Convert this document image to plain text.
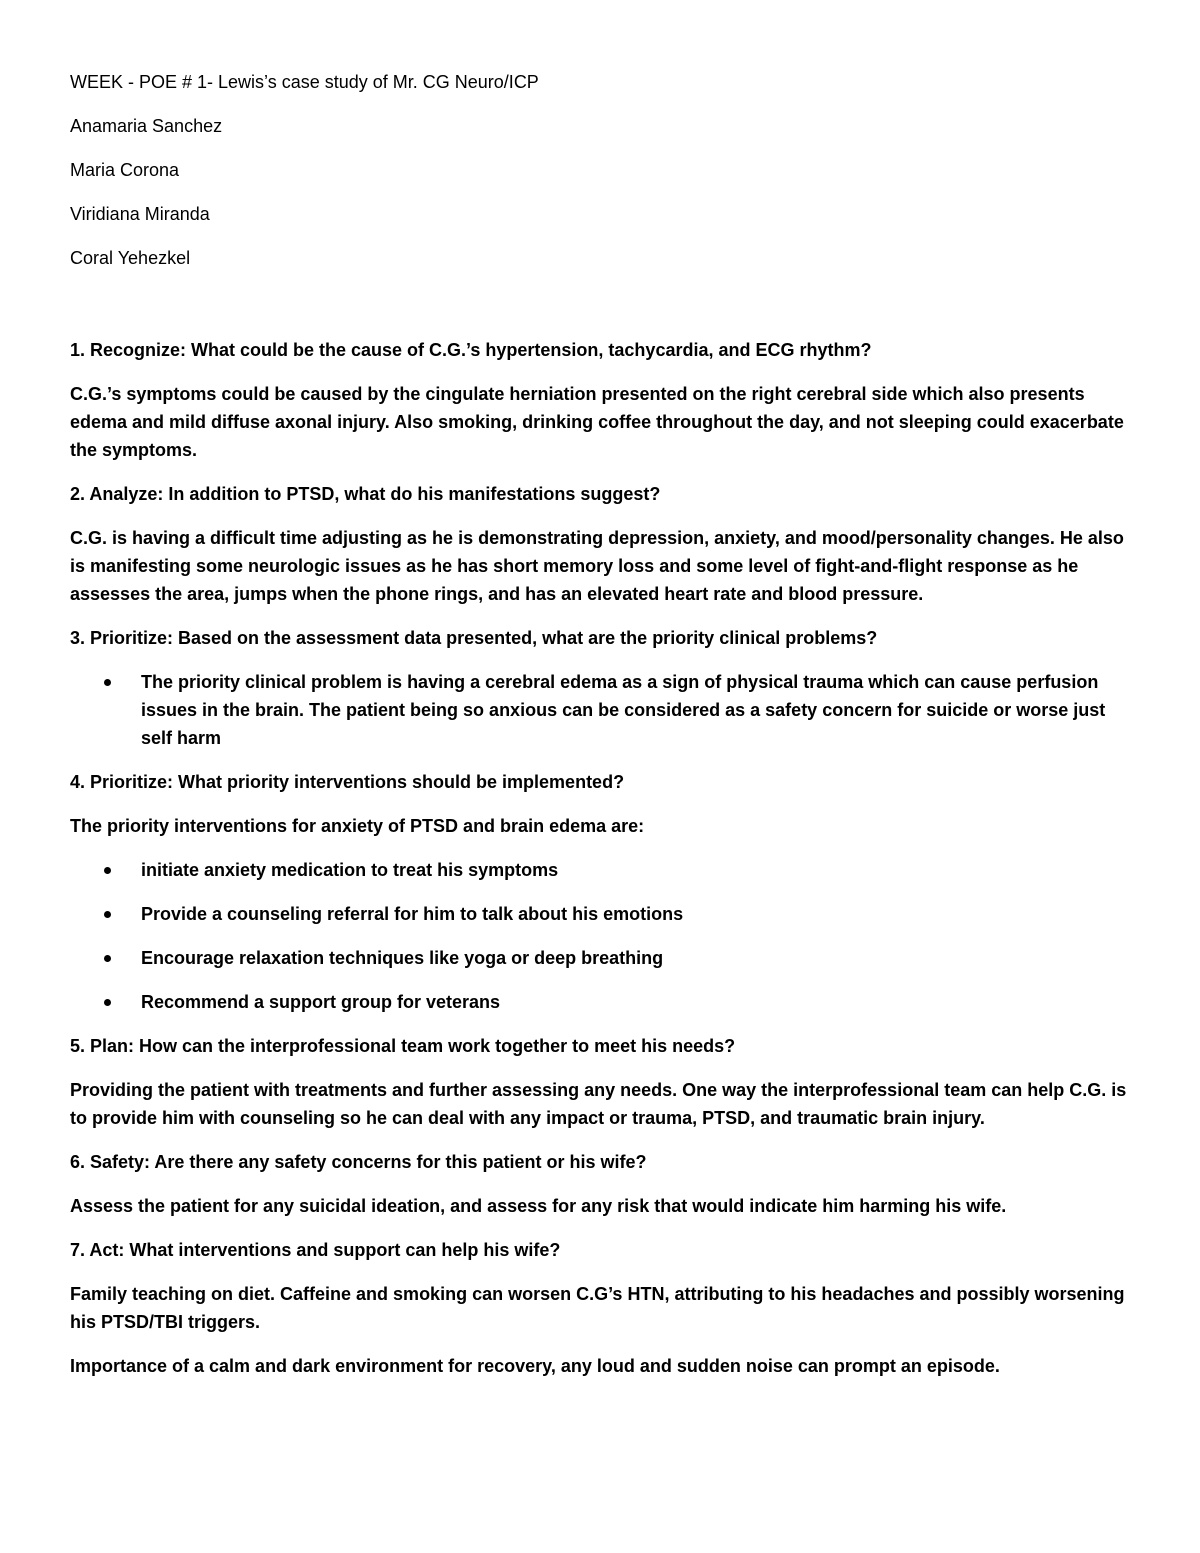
WEEK - POE # 1- Lewis’s case study of Mr. CG Neuro/ICP

Anamaria Sanchez

Maria Corona

Viridiana Miranda

Coral Yehezkel

1. Recognize: What could be the cause of C.G.’s hypertension, tachycardia, and ECG rhythm?

C.G.’s symptoms could be caused by the cingulate herniation presented on the right cerebral side which also presents edema and mild diffuse axonal injury. Also smoking, drinking coffee throughout the day, and not sleeping could exacerbate the symptoms.

2. Analyze: In addition to PTSD, what do his manifestations suggest?

C.G. is having a difficult time adjusting as he is demonstrating depression, anxiety, and mood/personality changes. He also is manifesting some neurologic issues as he has short memory loss and some level of fight-and-flight response as he assesses the area, jumps when the phone rings, and has an elevated heart rate and blood pressure.

3. Prioritize: Based on the assessment data presented, what are the priority clinical problems?

The priority clinical problem is having a cerebral edema as a sign of physical trauma which can cause perfusion issues in the brain. The patient being so anxious can be considered as a safety concern for suicide or worse just self harm

4. Prioritize: What priority interventions should be implemented?

The priority interventions for anxiety of PTSD and brain edema are:

initiate anxiety medication to treat his symptoms
Provide a counseling referral for him to talk about his emotions
Encourage relaxation techniques like yoga or deep breathing
Recommend a support group for veterans

5. Plan: How can the interprofessional team work together to meet his needs?

Providing the patient with treatments and further assessing any needs. One way the interprofessional team can help C.G. is to provide him with counseling so he can deal with any impact or trauma, PTSD, and traumatic brain injury.

6. Safety: Are there any safety concerns for this patient or his wife?

Assess the patient for any suicidal ideation, and assess for any risk that would indicate him harming his wife.

7. Act: What interventions and support can help his wife?

Family teaching on diet. Caffeine and smoking can worsen C.G’s HTN, attributing to his headaches and possibly worsening his PTSD/TBI triggers.

Importance of a calm and dark environment for recovery, any loud and sudden noise can prompt an episode.
